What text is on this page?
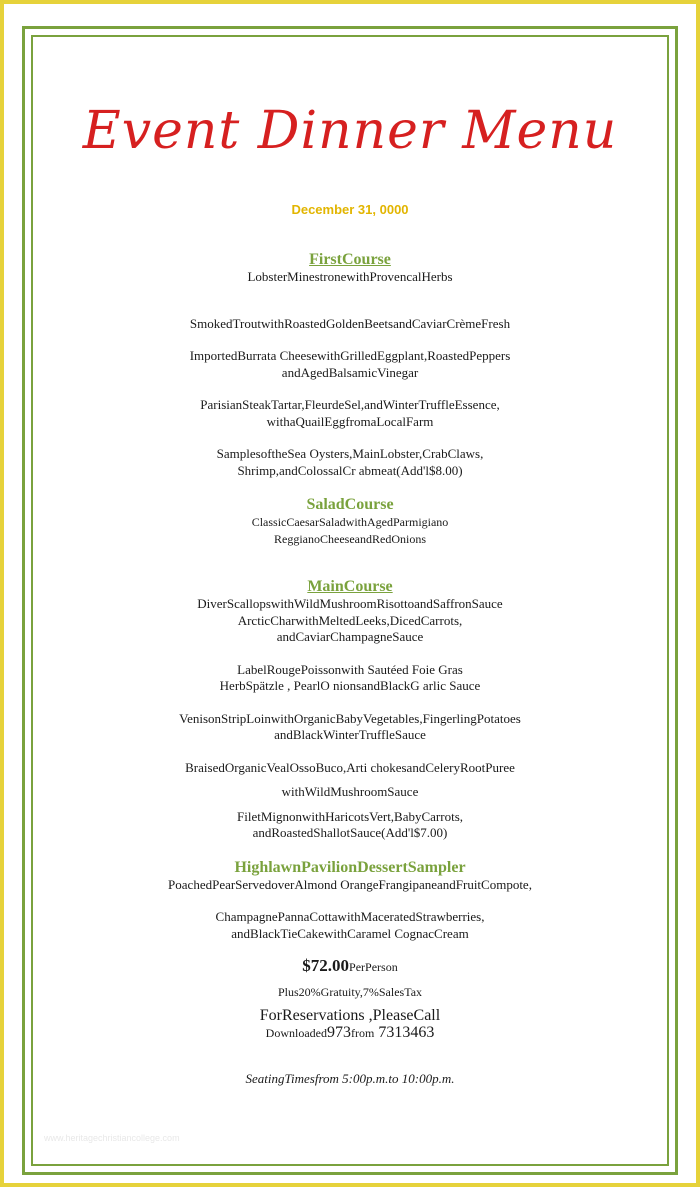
Event Dinner Menu
December 31, 0000
FirstCourse
LobsterMinestronewithProvencalHerbs
SmokedTroutwithRoastedGoldenBeetsandCaviarCrèmeFresh
ImportedBurrata CheesewithGrilledEggplant,RoastedPeppers
andAgedBalsamicVinegar
ParisianSteakTartar,FleurdeSel,andWinterTruffleEssence,
withaQuailEggfromaLocalFarm
SamplesoftheSea Oysters,MainLobster,CrabClaws,
Shrimp,andColossalCr abmeat(Add'l$8.00)
SaladCourse
ClassicCaesarSaladwithAgedParmigiano
ReggianoCheeseandRedOnions
MainCourse
DiverScallopswithWildMushroomRisottoandSaffronSauce
ArcticCharwithMeltedLeeks,DicedCarrots,
andCaviarChampagneSauce
LabelRougePoissonwith Sautéed Foie Gras
HerbSpätzle , PearlO nionsandBlackG arlic Sauce
VenisonStripLoinwithOrganicBabyVegetables,FingerlingPotatoes
andBlackWinterTruffleSauce
BraisedOrganicVealOssoBuco,Arti chokesandCeleryRootPuree
withWildMushroomSauce
FiletMignonwithHaricotsVert,BabyCarrots,
andRoastedShallotSauce(Add'l$7.00)
HighlawnPavilionDessertSampler
PoachedPearServedoverAlmond OrangeFrangipaneandFruitCompote,
ChampagnePannaCottawithMaceratedStrawberries,
andBlackTieCakewithCaramel CognacCream
$72.00PerPerson
Plus20%Gratuity,7%SalesTax
ForReservations ,PleaseCall
Downloaded973from 7313463
SeatingTimesfrom 5:00p.m.to 10:00p.m.
www.heritagechristiancollege.com
